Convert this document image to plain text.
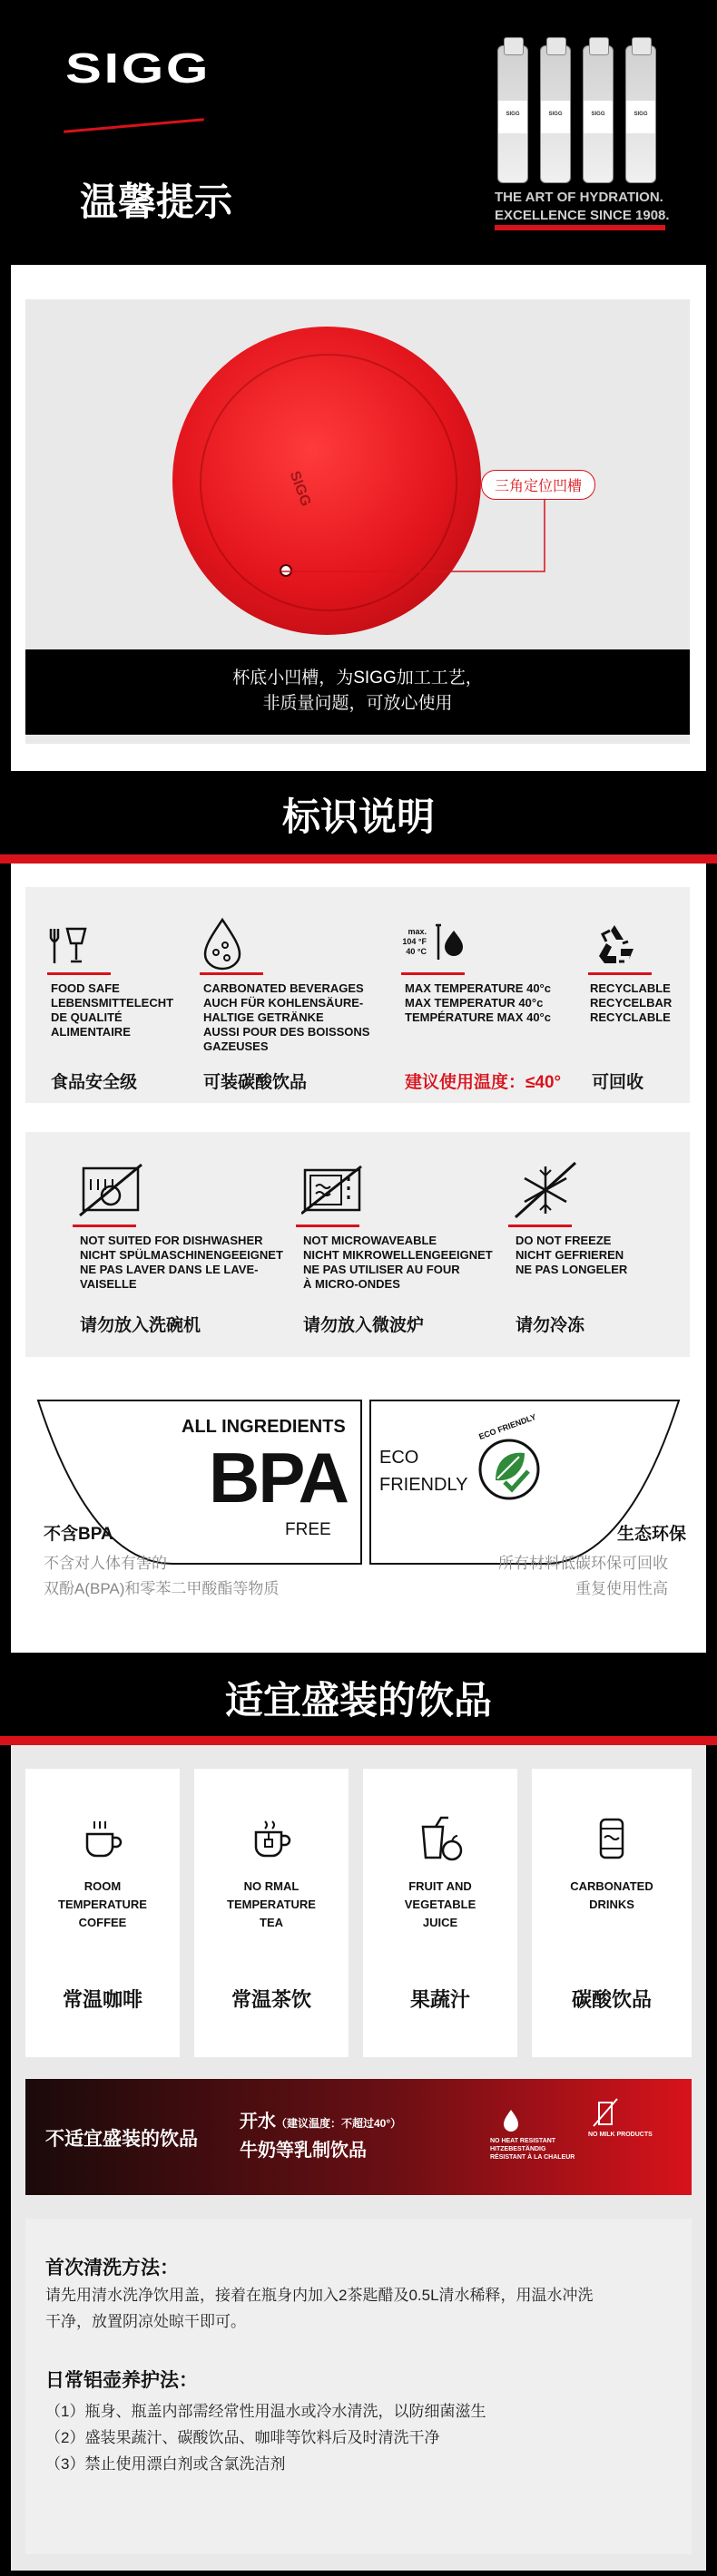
SIGG
温馨提示
SIGG	SIGG	SIGG	SIGG
THE ART OF HYDRATION.
EXCELLENCE SINCE 1908.
SIGG	三角定位凹槽
杯底小凹槽，为SIGG加工工艺，
非质量问题，可放心使用
标识说明
max.
104 °F
40 °C
FOOD SAFE
LEBENSMITTELECHT
DE QUALITÉ
ALIMENTAIRE
CARBONATED BEVERAGES
AUCH FÜR KOHLENSÄURE-
HALTIGE GETRÄNKE
AUSSI POUR DES BOISSONS
GAZEUSES
MAX TEMPERATURE 40°c
MAX TEMPERATUR 40°c
TEMPÉRATURE MAX 40°c
RECYCLABLE
RECYCELBAR
RECYCLABLE
食品安全级	可装碳酸饮品	建议使用温度：≤40° 可回收
NOT SUITED FOR DISHWASHER
NICHT SPÜLMASCHINENGEEIGNET
NE PAS LAVER DANS LE LAVE-
VAISELLE
NOT MICROWAVEABLE
NICHT MIKROWELLENGEEIGNET
NE PAS UTILISER AU FOUR
À MICRO-ONDES
DO NOT FREEZE
NICHT GEFRIEREN
NE PAS LONGELER
请勿放入洗碗机	请勿放入微波炉	请勿冷冻
ALL INGREDIENTS
BPA
FREE
ECO
FRIENDLY
ECO FRIENDLY
不含BPA
不含对人体有害的
双酚A(BPA)和零苯二甲酸酯等物质
生态环保
所有材料低碳环保可回收
重复使用性高
适宜盛装的饮品
ROOM
TEMPERATURE
COFFEE
NO RMAL
TEMPERATURE
TEA
FRUIT AND
VEGETABLE
JUICE
CARBONATED
DRINKS
常温咖啡	常温茶饮	果蔬汁	碳酸饮品
不适宜盛装的饮品
开水（建议温度：不超过40°）
牛奶等乳制饮品	NO HEAT RESISTANT
HITZEBESTÄNDIG
RÉSISTANT À LA CHALEUR
NO MILK PRODUCTS
首次清洗方法：
请先用清水洗净饮用盖，接着在瓶身内加入2茶匙醋及0.5L清水稀释，用温水冲洗
干净，放置阴凉处晾干即可。
日常铝壶养护法：
（1）瓶身、瓶盖内部需经常性用温水或冷水清洗，以防细菌滋生
（2）盛装果蔬汁、碳酸饮品、咖啡等饮料后及时清洗干净
（3）禁止使用漂白剂或含氯洗洁剂
